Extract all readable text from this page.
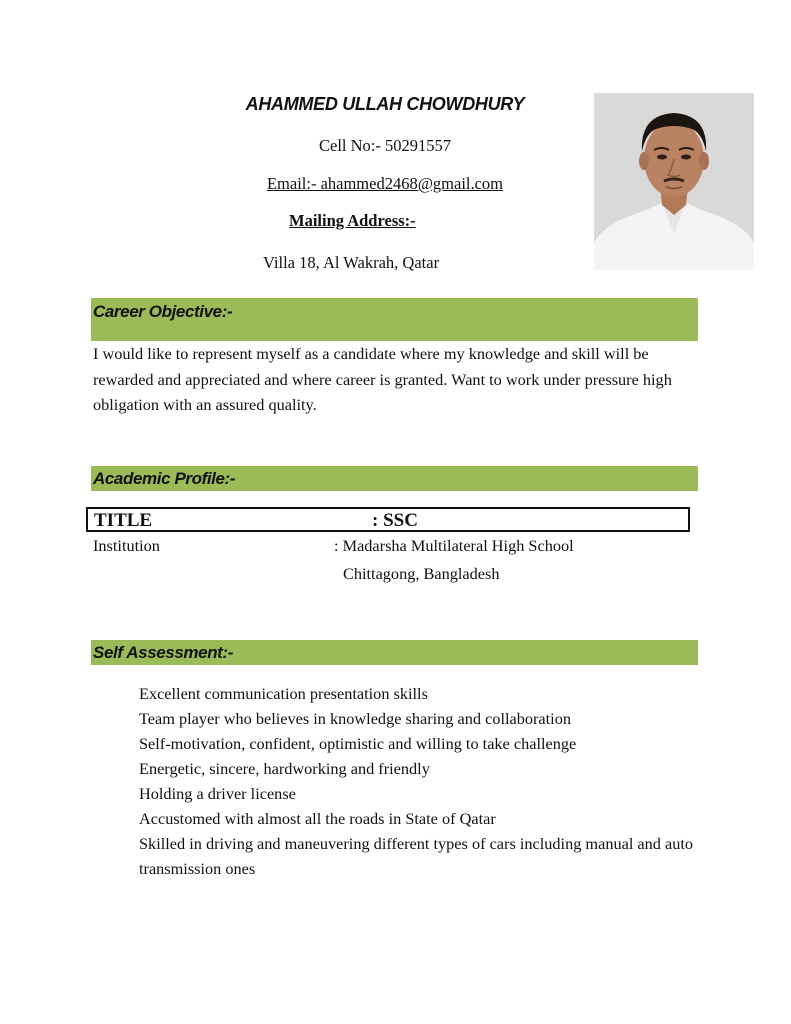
AHAMMED ULLAH CHOWDHURY
Cell No:- 50291557
Email:- ahammed2468@gmail.com
Mailing Address:-
Villa 18, Al Wakrah, Qatar
Career Objective:-
I would like to represent myself as a candidate where my knowledge and skill will be rewarded and appreciated and where career is granted. Want to work under pressure high obligation with an assured quality.
Academic Profile:-
TITLE	: SSC
Institution	: Madarsha Multilateral High School
Chittagong, Bangladesh
Self Assessment:-
Excellent communication presentation skills
Team player who believes in knowledge sharing and collaboration
Self-motivation, confident, optimistic and willing to take challenge
Energetic, sincere, hardworking and friendly
Holding a driver license
Accustomed with almost all the roads in State of Qatar
Skilled in driving and maneuvering different types of cars including manual and auto transmission ones
